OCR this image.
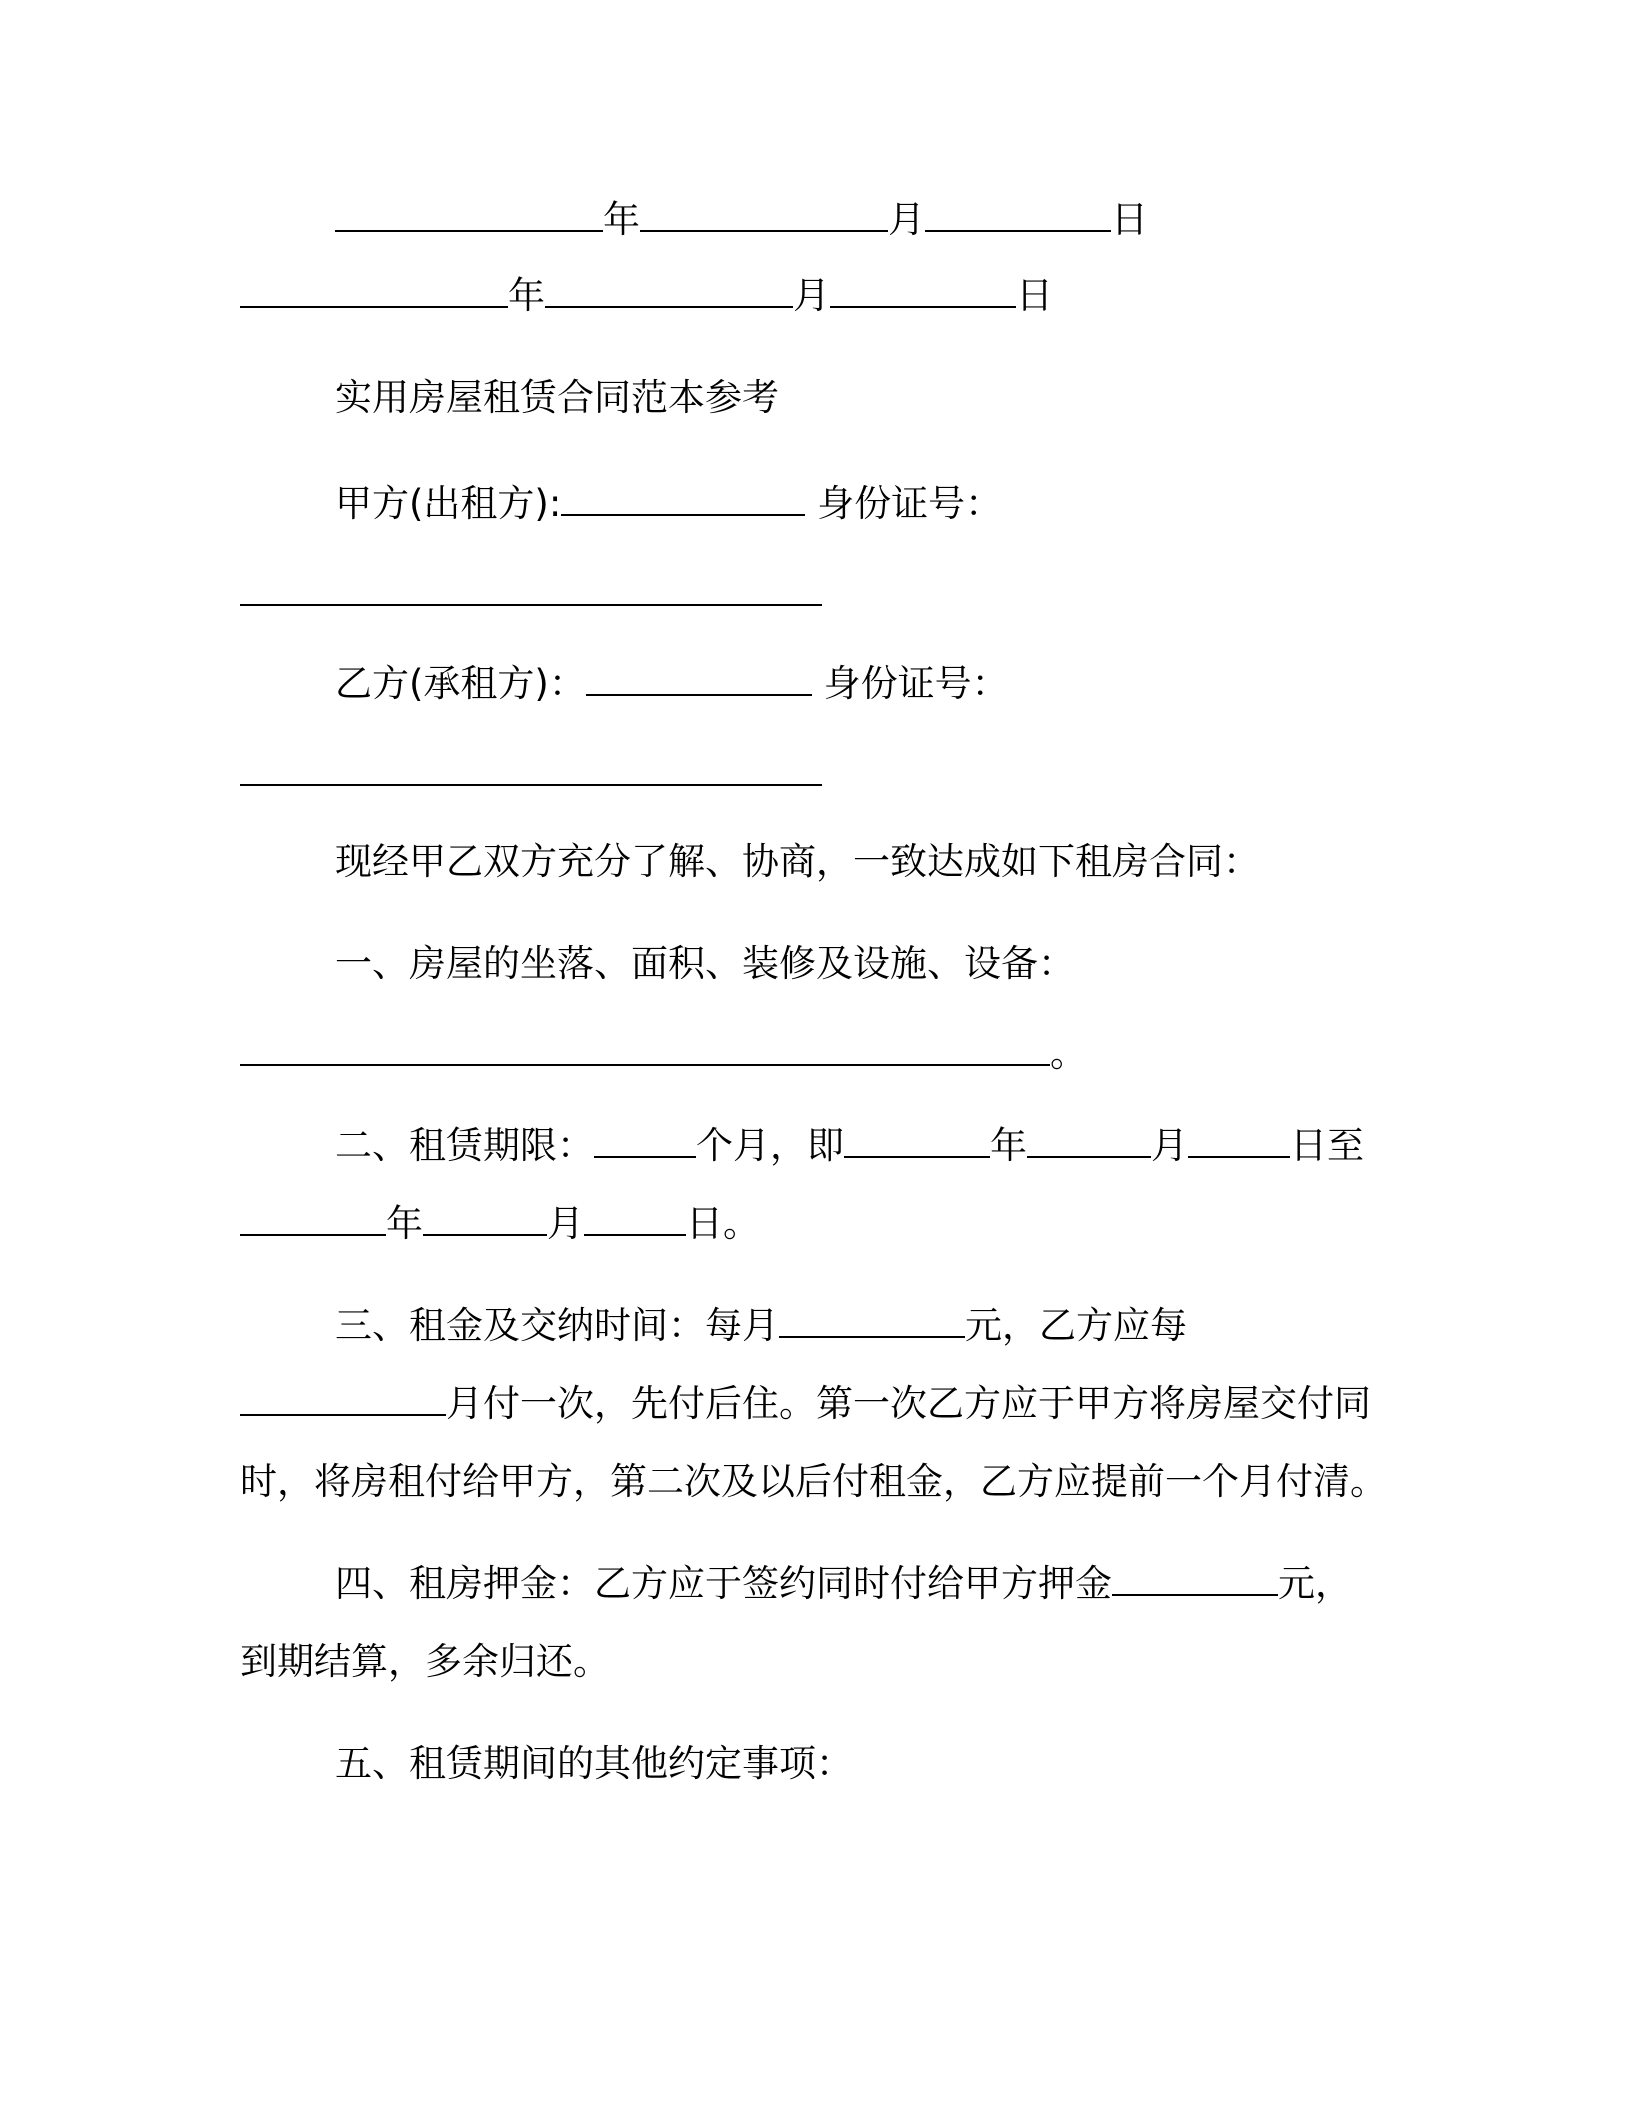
年	月	日
年	月	日
实用房屋租赁合同范本参考
甲方(出租方):	身份证号：
乙方(承租方)：	身份证号：
现经甲乙双方充分了解、协商，一致达成如下租房合同：
一、房屋的坐落、面积、装修及设施、设备：
。
二、租赁期限：	个月，即	年	月	日至
年	月	日。
三、租金及交纳时间：每月	元，乙方应每
月付一次，先付后住。第一次乙方应于甲方将房屋交付同
时，将房租付给甲方，第二次及以后付租金，乙方应提前一个月付清。
四、租房押金：乙方应于签约同时付给甲方押金	元，
到期结算，多余归还。
五、租赁期间的其他约定事项：
